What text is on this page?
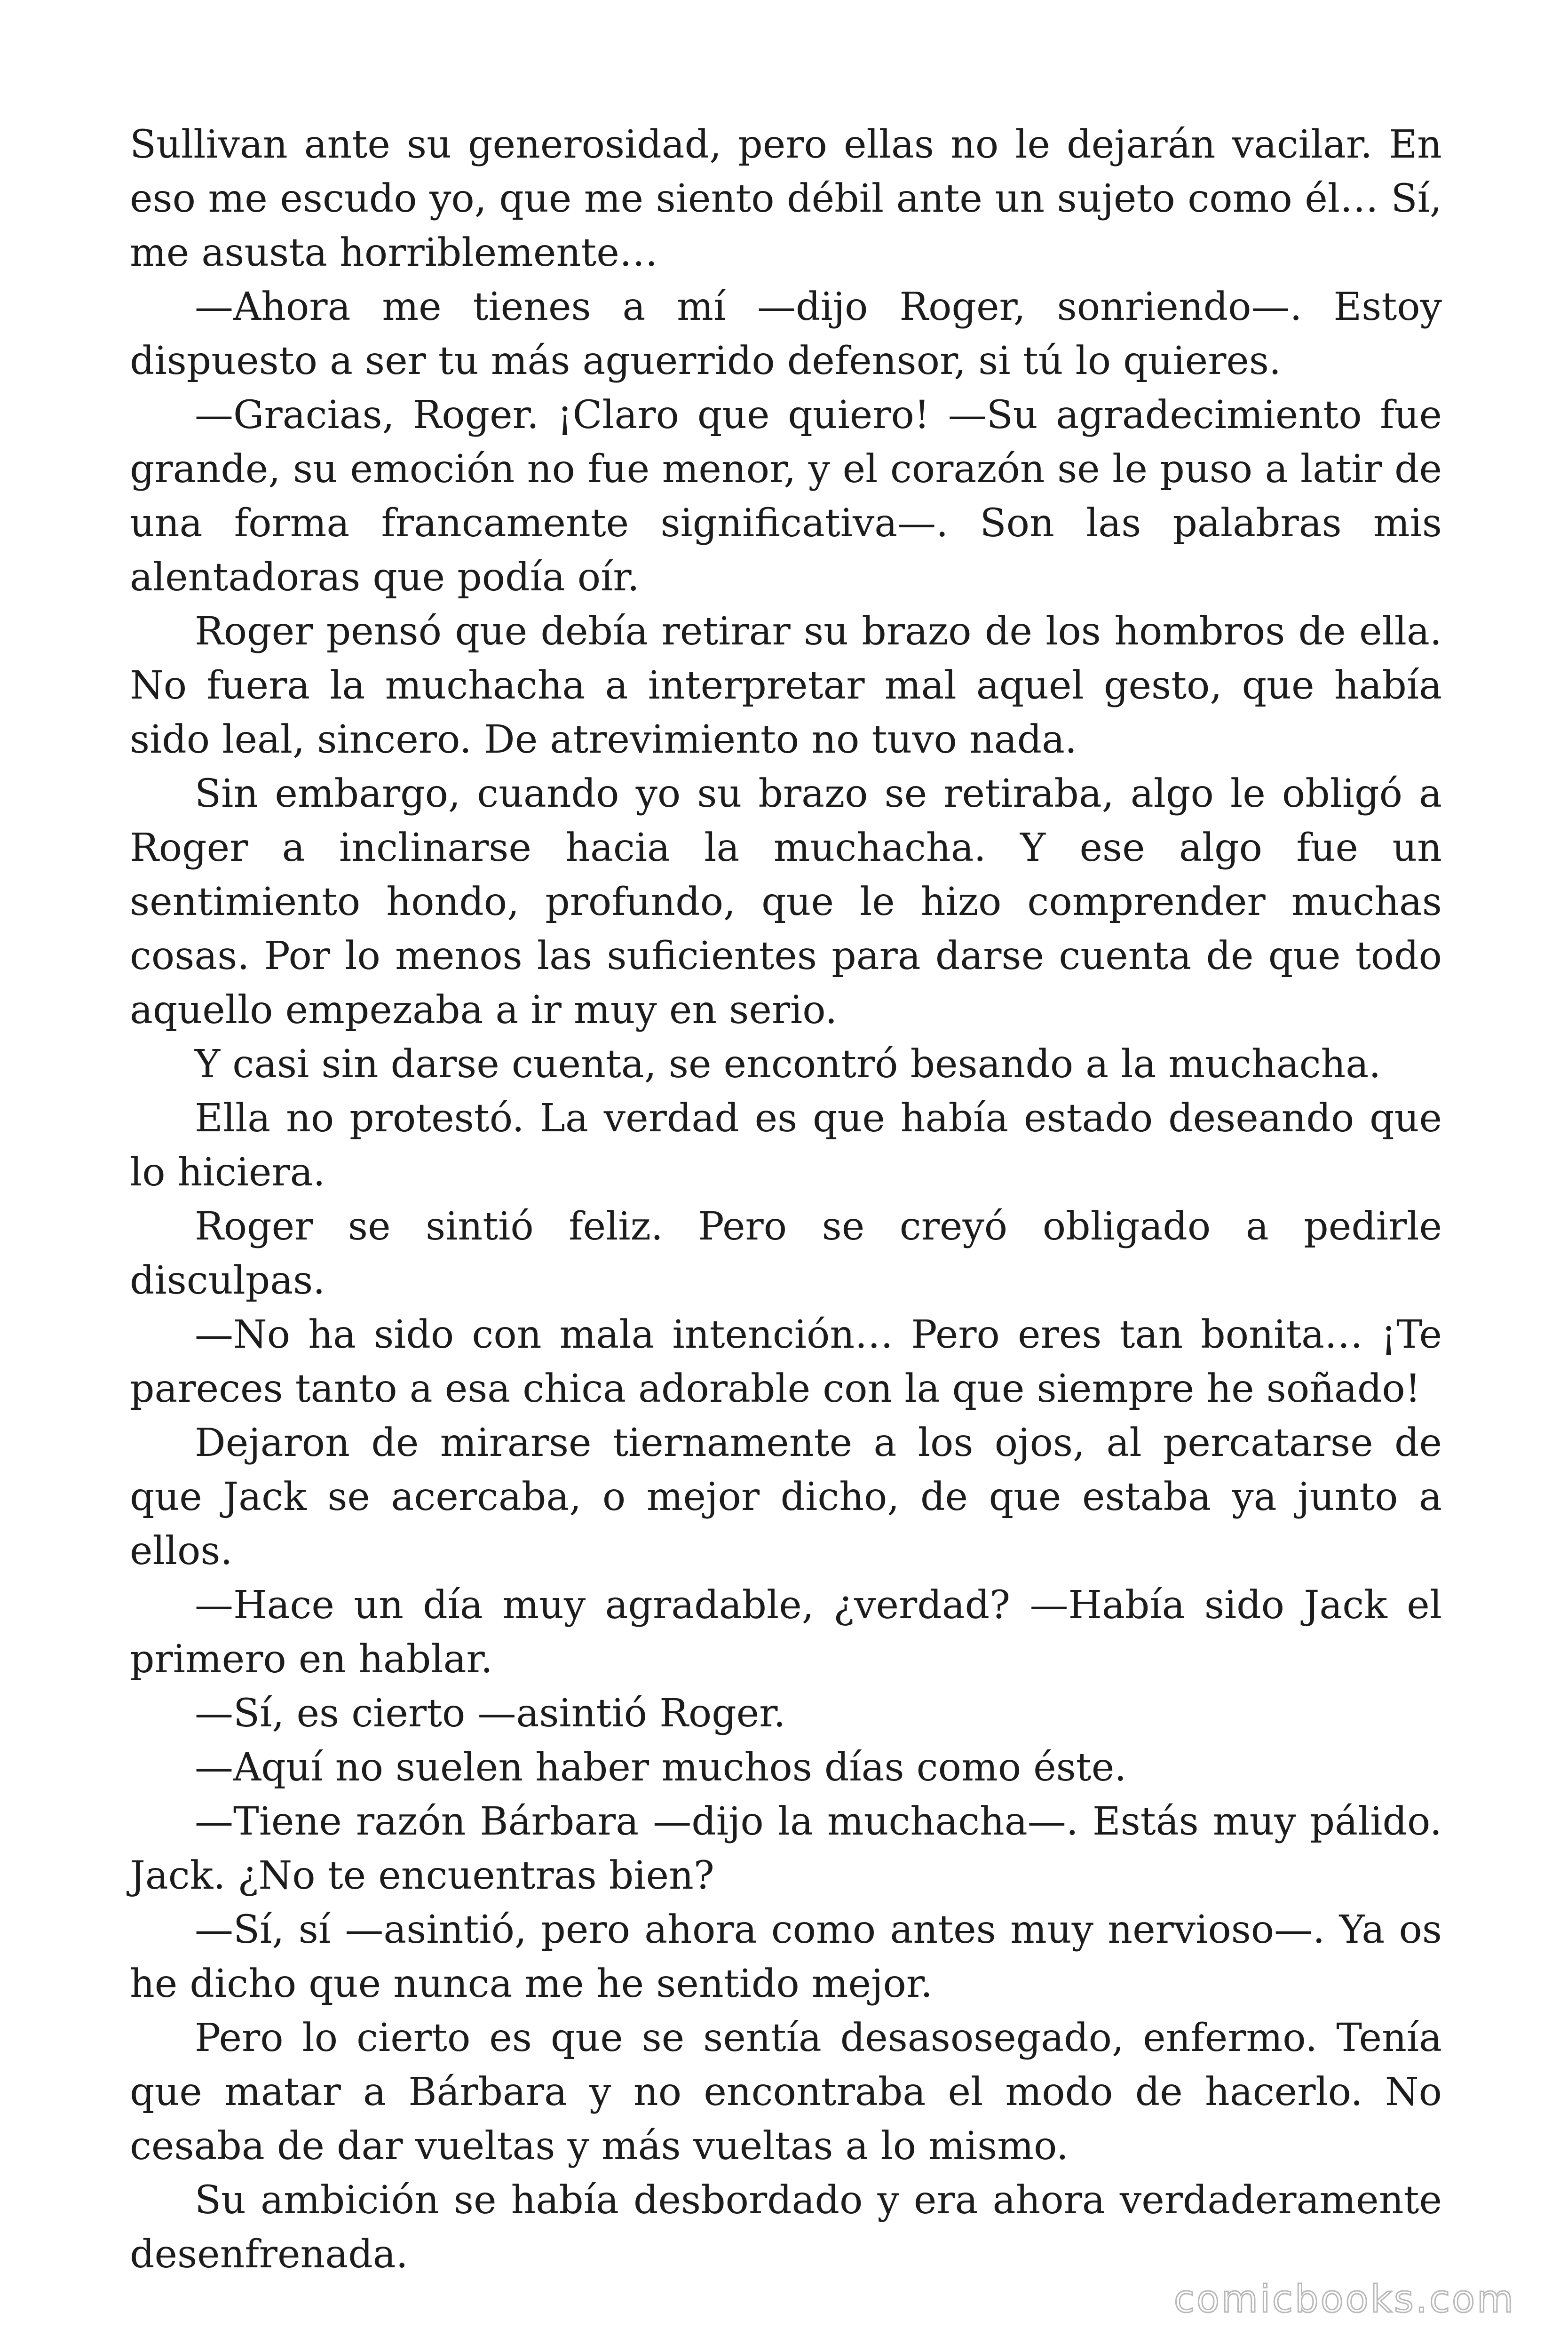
Sullivan ante su generosidad, pero ellas no le dejarán vacilar. En eso me escudo yo, que me siento débil ante un sujeto como él… Sí, me asusta horriblemente…

—Ahora me tienes a mí —dijo Roger, sonriendo—. Estoy dispuesto a ser tu más aguerrido defensor, si tú lo quieres.

—Gracias, Roger. ¡Claro que quiero! —Su agradecimiento fue grande, su emoción no fue menor, y el corazón se le puso a latir de una forma francamente significativa—. Son las palabras mis alentadoras que podía oír.

Roger pensó que debía retirar su brazo de los hombros de ella. No fuera la muchacha a interpretar mal aquel gesto, que había sido leal, sincero. De atrevimiento no tuvo nada.

Sin embargo, cuando yo su brazo se retiraba, algo le obligó a Roger a inclinarse hacia la muchacha. Y ese algo fue un sentimiento hondo, profundo, que le hizo comprender muchas cosas. Por lo menos las suficientes para darse cuenta de que todo aquello empezaba a ir muy en serio.

Y casi sin darse cuenta, se encontró besando a la muchacha.

Ella no protestó. La verdad es que había estado deseando que lo hiciera.

Roger se sintió feliz. Pero se creyó obligado a pedirle disculpas.

—No ha sido con mala intención… Pero eres tan bonita… ¡Te pareces tanto a esa chica adorable con la que siempre he soñado!

Dejaron de mirarse tiernamente a los ojos, al percatarse de que Jack se acercaba, o mejor dicho, de que estaba ya junto a ellos.

—Hace un día muy agradable, ¿verdad? —Había sido Jack el primero en hablar.

—Sí, es cierto —asintió Roger.

—Aquí no suelen haber muchos días como éste.

—Tiene razón Bárbara —dijo la muchacha—. Estás muy pálido. Jack. ¿No te encuentras bien?

—Sí, sí —asintió, pero ahora como antes muy nervioso—. Ya os he dicho que nunca me he sentido mejor.

Pero lo cierto es que se sentía desasosegado, enfermo. Tenía que matar a Bárbara y no encontraba el modo de hacerlo. No cesaba de dar vueltas y más vueltas a lo mismo.

Su ambición se había desbordado y era ahora verdaderamente desenfrenada.

comicbooks.com
